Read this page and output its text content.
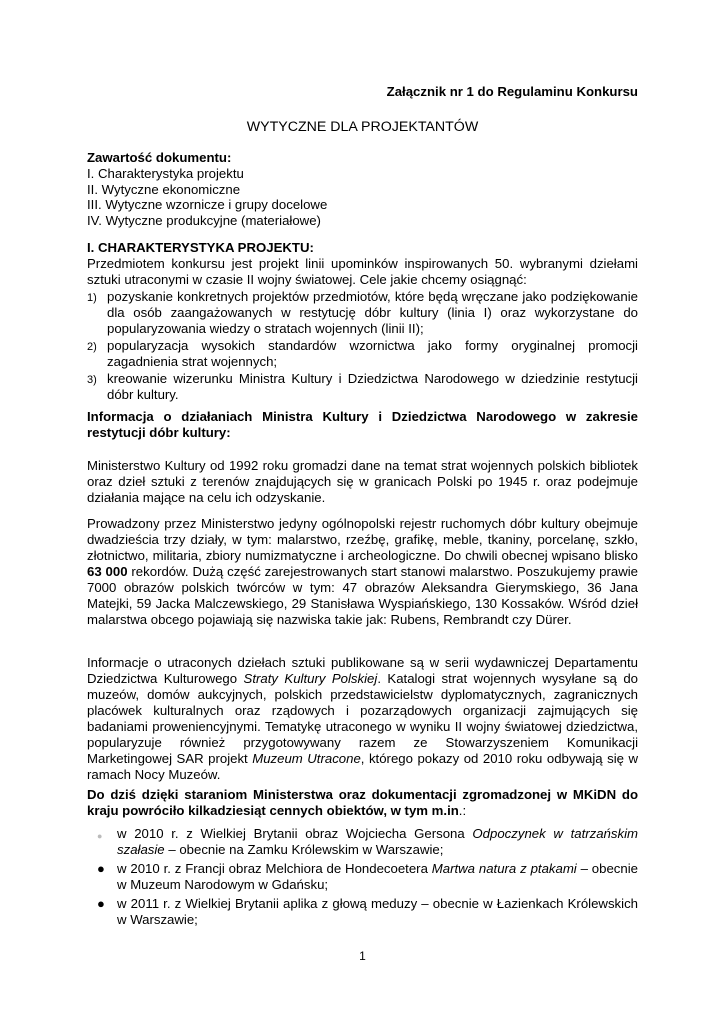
Załącznik nr 1 do Regulaminu Konkursu
WYTYCZNE DLA PROJEKTANTÓW
Zawartość dokumentu:
I. Charakterystyka projektu
II. Wytyczne ekonomiczne
III. Wytyczne wzornicze i grupy docelowe
IV. Wytyczne produkcyjne (materiałowe)
I. CHARAKTERYSTYKA PROJEKTU:

Przedmiotem konkursu jest projekt linii upominków inspirowanych 50. wybranymi dziełami sztuki utraconymi w czasie II wojny światowej. Cele jakie chcemy osiągnąć:

1) pozyskanie konkretnych projektów przedmiotów, które będą wręczane jako podziękowanie dla osób zaangażowanych w restytucję dóbr kultury (linia I) oraz wykorzystane do popularyzowania wiedzy o stratach wojennych (linii II);
2) popularyzacja wysokich standardów wzornictwa jako formy oryginalnej promocji zagadnienia strat wojennych;
3) kreowanie wizerunku Ministra Kultury i Dziedzictwa Narodowego w dziedzinie restytucji dóbr kultury.

Informacja o działaniach Ministra Kultury i Dziedzictwa Narodowego w zakresie restytucji dóbr kultury:

Ministerstwo Kultury od 1992 roku gromadzi dane na temat strat wojennych polskich bibliotek oraz dzieł sztuki z terenów znajdujących się w granicach Polski po 1945 r. oraz podejmuje działania mające na celu ich odzyskanie.

Prowadzony przez Ministerstwo jedyny ogólnopolski rejestr ruchomych dóbr kultury obejmuje dwadzieścia trzy działy, w tym: malarstwo, rzeźbę, grafikę, meble, tkaniny, porcelanę, szkło, złotnictwo, militaria, zbiory numizmatyczne i archeologiczne. Do chwili obecnej wpisano blisko 63 000 rekordów. Dużą część zarejestrowanych start stanowi malarstwo. Poszukujemy prawie 7000 obrazów polskich twórców w tym: 47 obrazów Aleksandra Gierymskiego, 36 Jana Matejki, 59 Jacka Malczewskiego, 29 Stanisława Wyspiańskiego, 130 Kossaków. Wśród dzieł malarstwa obcego pojawiają się nazwiska takie jak: Rubens, Rembrandt czy Dürer.

Informacje o utraconych dziełach sztuki publikowane są w serii wydawniczej Departamentu Dziedzictwa Kulturowego Straty Kultury Polskiej. Katalogi strat wojennych wysyłane są do muzeów, domów aukcyjnych, polskich przedstawicielstw dyplomatycznych, zagranicznych placówek kulturalnych oraz rządowych i pozarządowych organizacji zajmujących się badaniami proweniencyjnymi. Tematykę utraconego w wyniku II wojny światowej dziedzictwa, popularyzuje również przygotowywany razem ze Stowarzyszeniem Komunikacji Marketingowej SAR projekt Muzeum Utracone, którego pokazy od 2010 roku odbywają się w ramach Nocy Muzeów.

Do dziś dzięki staraniom Ministerstwa oraz dokumentacji zgromadzonej w MKiDN do kraju powróciło kilkadziesiąt cennych obiektów, w tym m.in.:

● w 2010 r. z Wielkiej Brytanii obraz Wojciecha Gersona Odpoczynek w tatrzańskim szałasie – obecnie na Zamku Królewskim w Warszawie;
● w 2010 r. z Francji obraz Melchiora de Hondecoetera Martwa natura z ptakami – obecnie w Muzeum Narodowym w Gdańsku;
● w 2011 r. z Wielkiej Brytanii aplika z głową meduzy – obecnie w Łazienkach Królewskich w Warszawie;
1
